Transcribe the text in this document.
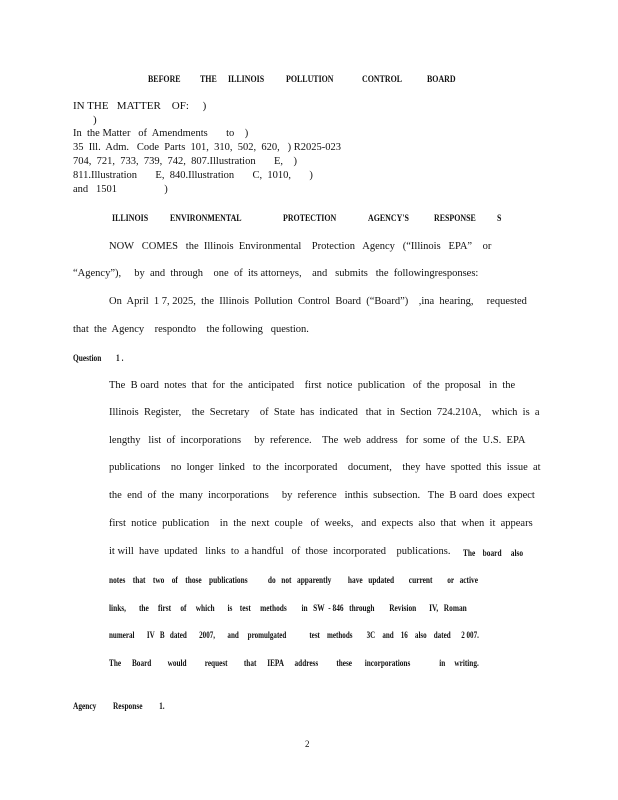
BEFORE THE ILLINOIS POLLUTION	CONTROL	BOARD
IN THE   MATTER    OF:     )
)
In  the Matter   of  Amendments       to    )
35  Ill.  Adm.   Code  Parts  101,  310,  502,  620,   ) R2025-023
704,  721,  733,  739,  742,  807.Illustration       E,    )
811.Illustration       E,  840.Illustration       C,  1010,       )
and   1501                  )
ILLINOIS ENVIRONMENTAL	PROTECTION	AGENCY'S	RESPONSE S
NOW   COMES   the  Illinois  Environmental    Protection   Agency   (“Illinois   EPA”    or
“Agency”),     by  and  through    one  of  its attorneys,    and   submits   the  followingresponses:
On  April  1 7, 2025,  the  Illinois  Pollution  Control  Board  (“Board”)    ,ina  hearing,     requested
that  the  Agency    respondto    the following   question.
Question        1 .
The  B oard  notes  that  for  the  anticipated    first  notice  publication   of  the  proposal   in  the
Illinois  Register,    the  Secretary    of  State  has  indicated   that  in  Section  724.210A,    which  is  a
lengthy   list  of  incorporations     by  reference.    The  web  address   for  some  of  the  U.S.  EPA
publications    no  longer  linked   to  the  incorporated    document,    they  have  spotted  this  issue  at
the  end  of  the  many  incorporations     by  reference   inthis  subsection.   The  B oard  does  expect
first  notice  publication    in  the  next  couple   of  weeks,   and  expects  also  that  when  it  appears
it will  have  updated   links  to  a handful   of  those  incorporated    publications. The    board     also
notes    that    two    of    those    publications           do   not   apparently         have   updated        current        or   active
links,       the     first     of     which       is    test     methods        in   SW  - 846   through        Revision       IV,   Roman
numeral       IV   B   dated       2007,       and     promulgated             test    methods        3C    and    16    also    dated      2 007.
The      Board         would          request         that      IEPA      address          these       incorporations                in     writing.
Agency         Response         1.
2
